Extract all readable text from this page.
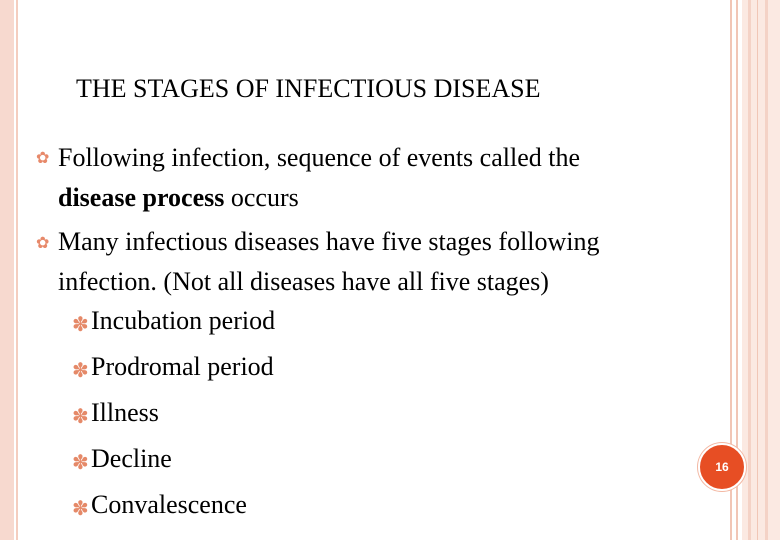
THE STAGES OF INFECTIOUS DISEASE
✿ Following infection, sequence of events called the
disease process occurs
✿ Many infectious diseases have five stages following
infection. (Not all diseases have all five stages)
✽ Incubation period
✽ Prodromal period
✽ Illness
✽ Decline
✽ Convalescence
16
